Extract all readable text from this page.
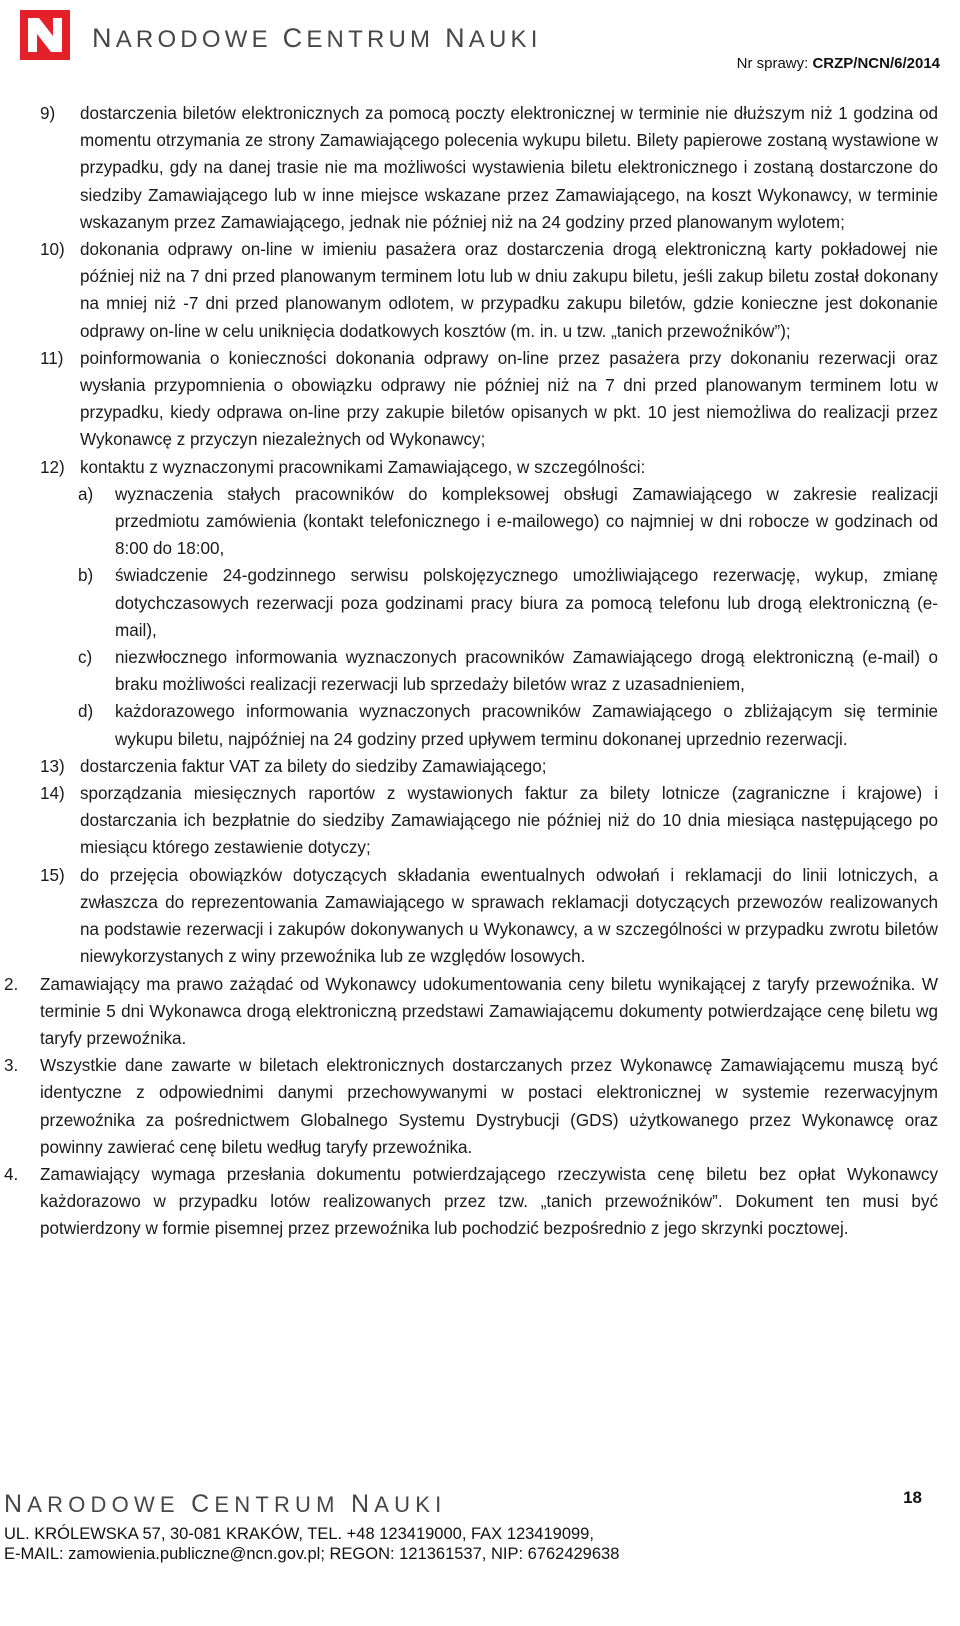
NARODOWE CENTRUM NAUKI
Nr sprawy: CRZP/NCN/6/2014
9) dostarczenia biletów elektronicznych za pomocą poczty elektronicznej w terminie nie dłuższym niż 1 godzina od momentu otrzymania ze strony Zamawiającego polecenia wykupu biletu. Bilety papierowe zostaną wystawione w przypadku, gdy na danej trasie nie ma możliwości wystawienia biletu elektronicznego i zostaną dostarczone do siedziby Zamawiającego lub w inne miejsce wskazane przez Zamawiającego, na koszt Wykonawcy, w terminie wskazanym przez Zamawiającego, jednak nie później niż na 24 godziny przed planowanym wylotem;
10) dokonania odprawy on-line w imieniu pasażera oraz dostarczenia drogą elektroniczną karty pokładowej nie później niż na 7 dni przed planowanym terminem lotu lub w dniu zakupu biletu, jeśli zakup biletu został dokonany na mniej niż -7 dni przed planowanym odlotem, w przypadku zakupu biletów, gdzie konieczne jest dokonanie odprawy on-line w celu uniknięcia dodatkowych kosztów (m. in. u tzw. „tanich przewoźników”);
11) poinformowania o konieczności dokonania odprawy on-line przez pasażera przy dokonaniu rezerwacji oraz wysłania przypomnienia o obowiązku odprawy nie później niż na 7 dni przed planowanym terminem lotu w przypadku, kiedy odprawa on-line przy zakupie biletów opisanych w pkt. 10 jest niemożliwa do realizacji przez Wykonawcę z przyczyn niezależnych od Wykonawcy;
12) kontaktu z wyznaczonymi pracownikami Zamawiającego, w szczególności:
a) wyznaczenia stałych pracowników do kompleksowej obsługi Zamawiającego w zakresie realizacji przedmiotu zamówienia (kontakt telefonicznego i e-mailowego) co najmniej w dni robocze w godzinach od 8:00 do 18:00,
b) świadczenie 24-godzinnego serwisu polskojęzycznego umożliwiającego rezerwację, wykup, zmianę dotychczasowych rezerwacji poza godzinami pracy biura za pomocą telefonu lub drogą elektroniczną (e-mail),
c) niezwłocznego informowania wyznaczonych pracowników Zamawiającego drogą elektroniczną (e-mail) o braku możliwości realizacji rezerwacji lub sprzedaży biletów wraz z uzasadnieniem,
d) każdorazowego informowania wyznaczonych pracowników Zamawiającego o zbliżającym się terminie wykupu biletu, najpóźniej na 24 godziny przed upływem terminu dokonanej uprzednio rezerwacji.
13) dostarczenia faktur VAT za bilety do siedziby Zamawiającego;
14) sporządzania miesięcznych raportów z wystawionych faktur za bilety lotnicze (zagraniczne i krajowe) i dostarczania ich bezpłatnie do siedziby Zamawiającego nie później niż do 10 dnia miesiąca następującego po miesiącu którego zestawienie dotyczy;
15) do przejęcia obowiązków dotyczących składania ewentualnych odwołań i reklamacji do linii lotniczych, a zwłaszcza do reprezentowania Zamawiającego w sprawach reklamacji dotyczących przewozów realizowanych na podstawie rezerwacji i zakupów dokonywanych u Wykonawcy, a w szczególności w przypadku zwrotu biletów niewykorzystanych z winy przewoźnika lub ze względów losowych.
2. Zamawiający ma prawo zażądać od Wykonawcy udokumentowania ceny biletu wynikającej z taryfy przewoźnika. W terminie 5 dni Wykonawca drogą elektroniczną przedstawi Zamawiającemu dokumenty potwierdzające cenę biletu wg taryfy przewoźnika.
3. Wszystkie dane zawarte w biletach elektronicznych dostarczanych przez Wykonawcę Zamawiającemu muszą być identyczne z odpowiednimi danymi przechowywanymi w postaci elektronicznej w systemie rezerwacyjnym przewoźnika za pośrednictwem Globalnego Systemu Dystrybucji (GDS) użytkowanego przez Wykonawcę oraz powinny zawierać cenę biletu według taryfy przewoźnika.
4. Zamawiający wymaga przesłania dokumentu potwierdzającego rzeczywista cenę biletu bez opłat Wykonawcy każdorazowo w przypadku lotów realizowanych przez tzw. „tanich przewoźników”. Dokument ten musi być potwierdzony w formie pisemnej przez przewoźnika lub pochodzić bezpośrednio z jego skrzynki pocztowej.
NARODOWE CENTRUM NAUKI	18
UL. KRÓLEWSKA 57, 30-081 KRAKÓW, TEL. +48 123419000, FAX 123419099,
E-MAIL: zamowienia.publiczne@ncn.gov.pl; REGON: 121361537, NIP: 6762429638
